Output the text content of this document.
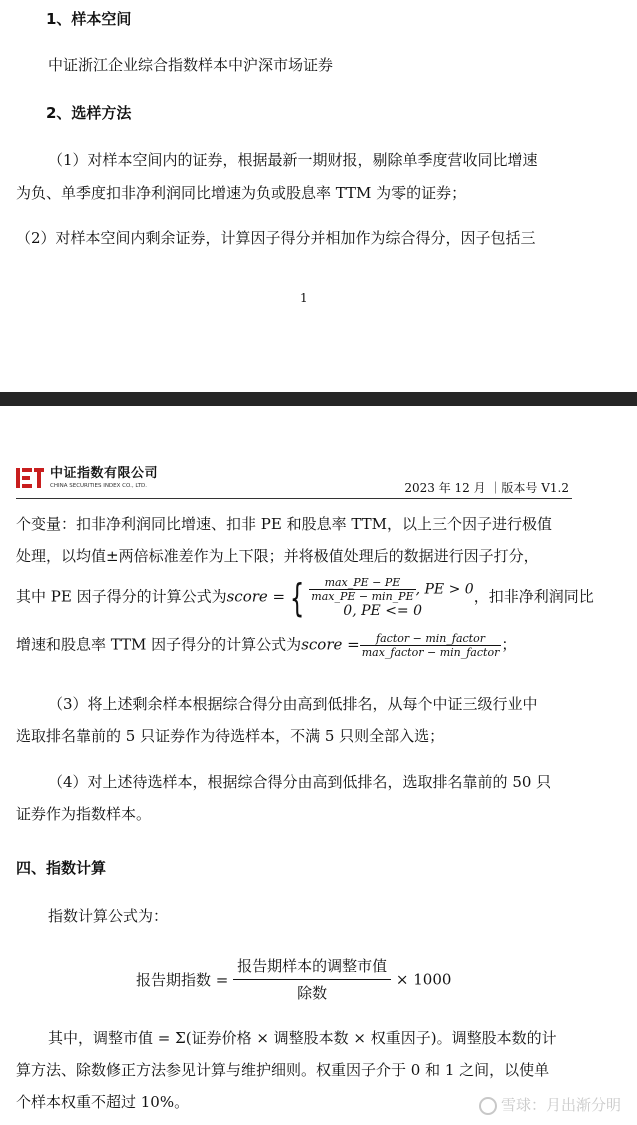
1、样本空间
中证浙江企业综合指数样本中沪深市场证券
2、选样方法
（1）对样本空间内的证券，根据最新一期财报，剔除单季度营收同比增速
为负、单季度扣非净利润同比增速为负或股息率 TTM 为零的证券；
（2）对样本空间内剩余证券，计算因子得分并相加作为综合得分，因子包括三
1
中证指数有限公司
CHINA SECURITIES INDEX CO., LTD.	2023 年 12 月 ｜版本号 V1.2
个变量：扣非净利润同比增速、扣非 PE 和股息率 TTM，以上三个因子进行极值
处理，以均值±两倍标准差作为上下限；并将极值处理后的数据进行因子打分，
其中 PE 因子得分的计算公式为score = { $\frac{\max\_PE - PE}{\max\_PE - \min\_PE}$ , PE > 0
0, PE <= 0
，扣非净利润同比
增速和股息率 TTM 因子得分的计算公式为score = $\frac{\text{factor − min\_factor}}{\text{max\_factor − min\_factor}}$ ；
（3）将上述剩余样本根据综合得分由高到低排名，从每个中证三级行业中
选取排名靠前的 5 只证券作为待选样本，不满 5 只则全部入选；
（4）对上述待选样本，根据综合得分由高到低排名，选取排名靠前的 50 只
证券作为指数样本。
四、指数计算
指数计算公式为：
报告期指数 = $\frac{\text{报告期样本的调整市值}}{\text{除数}} \times 1000$
其中，调整市值 = Σ(证券价格 × 调整股本数 × 权重因子)。调整股本数的计
算方法、除数修正方法参见计算与维护细则。权重因子介于 0 和 1 之间，以使单
个样本权重不超过 10%。	雪球：月出渐分明
